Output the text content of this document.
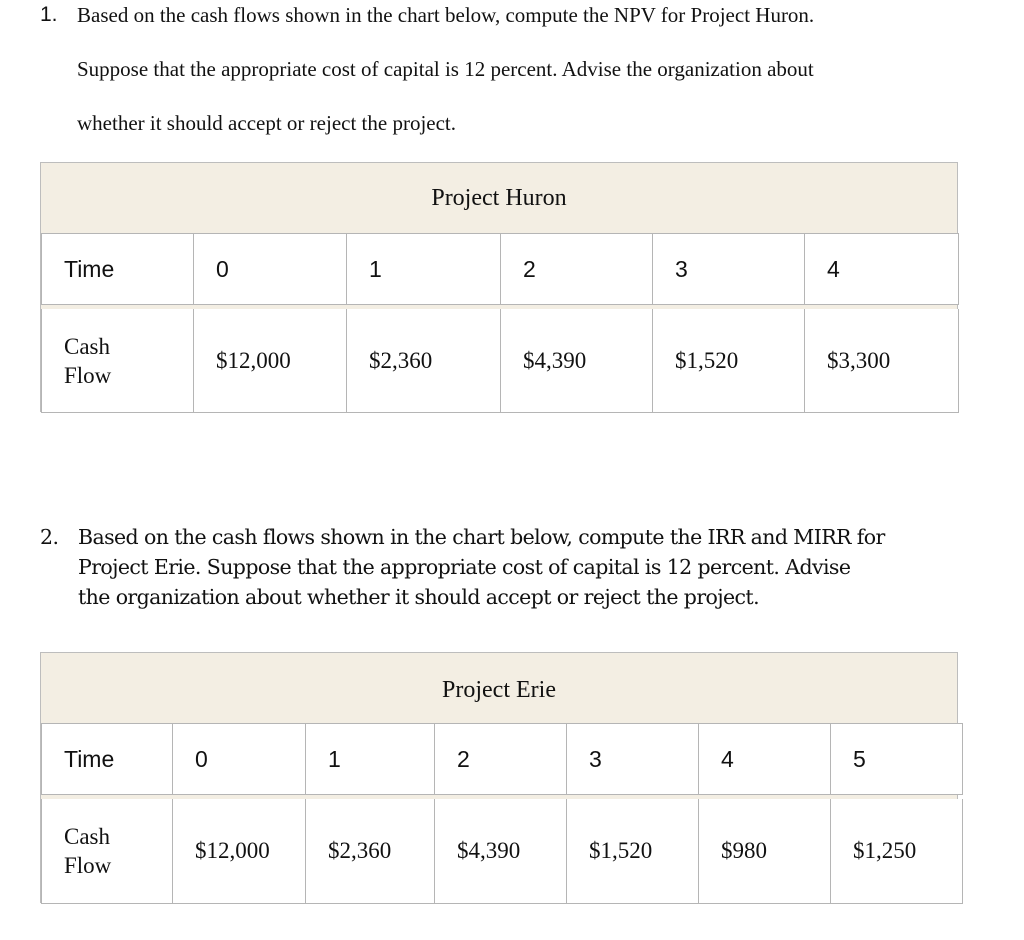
1. Based on the cash flows shown in the chart below, compute the NPV for Project Huron.
Suppose that the appropriate cost of capital is 12 percent. Advise the organization about
whether it should accept or reject the project.
Project Huron
Time	0	1	2	3	4
Cash
Flow
$12,000	$2,360	$4,390	$1,520	$3,300
2. Based on the cash flows shown in the chart below, compute the IRR and MIRR for
Project Erie. Suppose that the appropriate cost of capital is 12 percent. Advise
the organization about whether it should accept or reject the project.
Project Erie
Time	0	1	2	3	4	5
Cash
Flow
$12,000	$2,360	$4,390	$1,520	$980	$1,250
